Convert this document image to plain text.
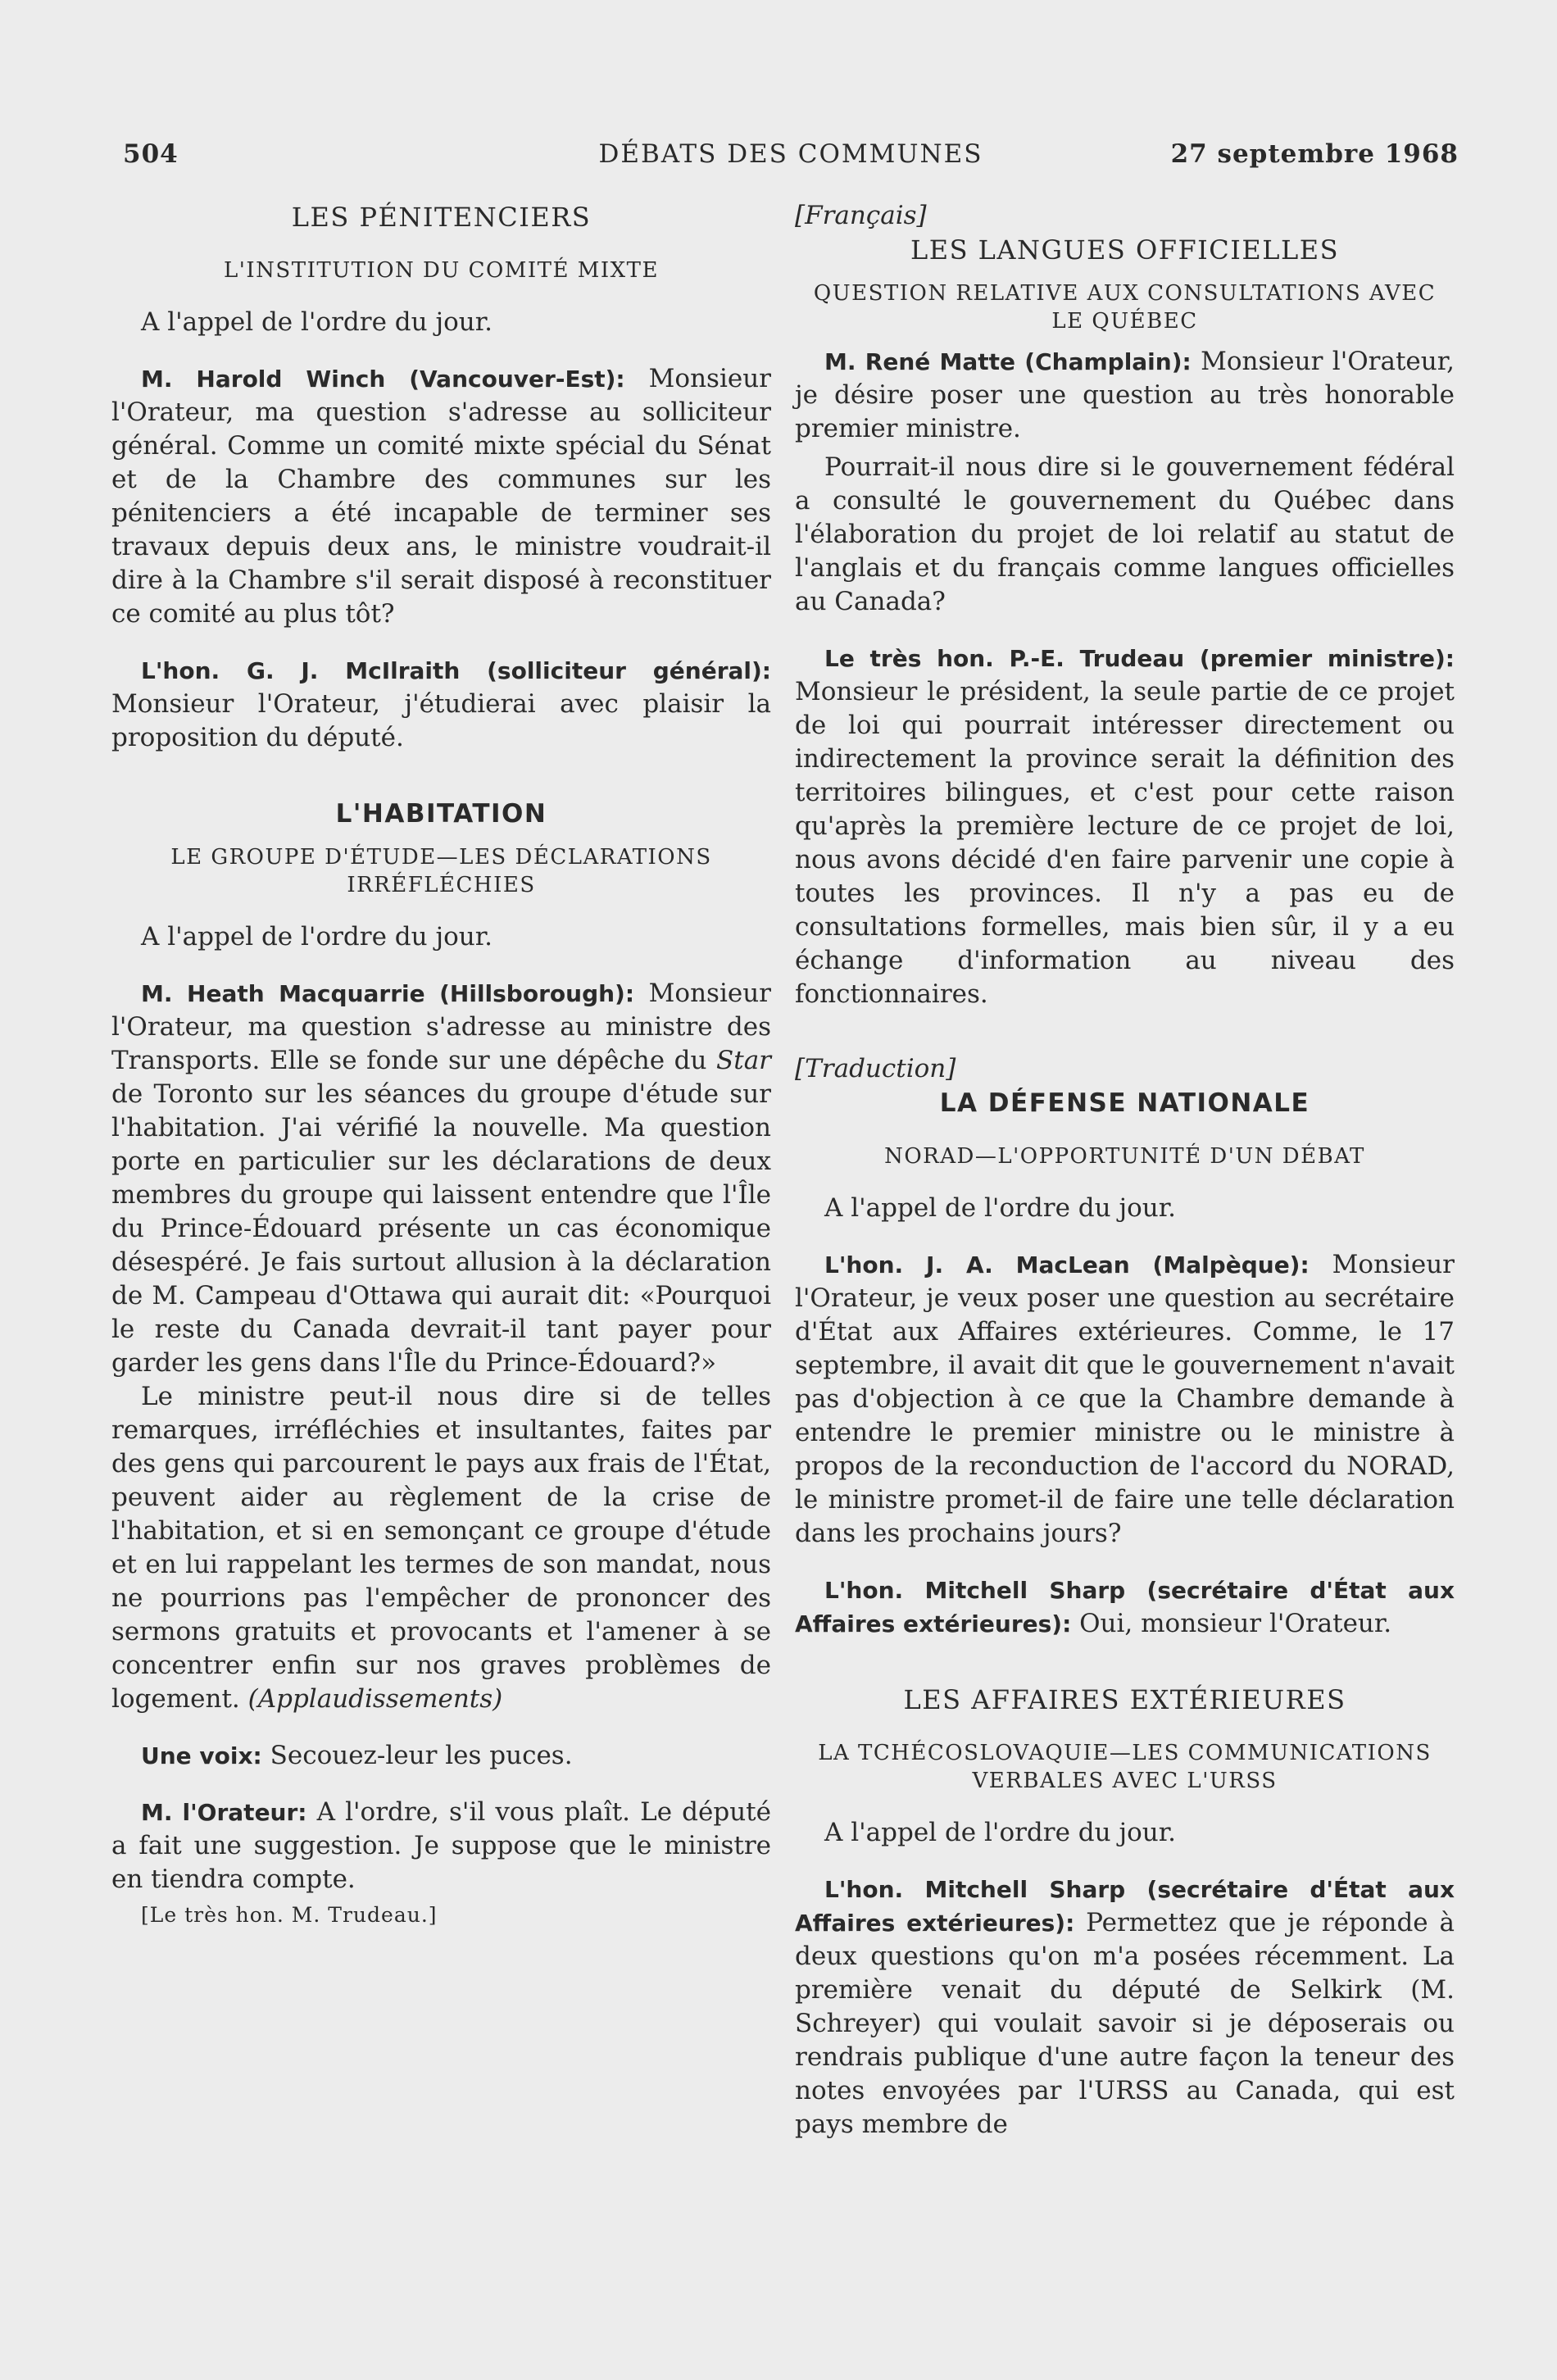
504	DÉBATS DES COMMUNES	27 septembre 1968
LES PÉNITENCIERS
L'INSTITUTION DU COMITÉ MIXTE

A l'appel de l'ordre du jour.

M. Harold Winch (Vancouver-Est): Monsieur l'Orateur, ma question s'adresse au solliciteur général. Comme un comité mixte spécial du Sénat et de la Chambre des communes sur les pénitenciers a été incapable de terminer ses travaux depuis deux ans, le ministre voudrait-il dire à la Chambre s'il serait disposé à reconstituer ce comité au plus tôt?

L'hon. G. J. McIlraith (solliciteur général): Monsieur l'Orateur, j'étudierai avec plaisir la proposition du député.

L'HABITATION
LE GROUPE D'ÉTUDE—LES DÉCLARATIONS IRRÉFLÉCHIES

A l'appel de l'ordre du jour.

M. Heath Macquarrie (Hillsborough): Monsieur l'Orateur, ma question s'adresse au ministre des Transports. Elle se fonde sur une dépêche du Star de Toronto sur les séances du groupe d'étude sur l'habitation. J'ai vérifié la nouvelle. Ma question porte en particulier sur les déclarations de deux membres du groupe qui laissent entendre que l'Île du Prince-Édouard présente un cas économique désespéré. Je fais surtout allusion à la déclaration de M. Campeau d'Ottawa qui aurait dit: «Pourquoi le reste du Canada devrait-il tant payer pour garder les gens dans l'Île du Prince-Édouard?»

Le ministre peut-il nous dire si de telles remarques, irréfléchies et insultantes, faites par des gens qui parcourent le pays aux frais de l'État, peuvent aider au règlement de la crise de l'habitation, et si en semonçant ce groupe d'étude et en lui rappelant les termes de son mandat, nous ne pourrions pas l'empêcher de prononcer des sermons gratuits et provocants et l'amener à se concentrer enfin sur nos graves problèmes de logement. (Applaudissements)

Une voix: Secouez-leur les puces.

M. l'Orateur: A l'ordre, s'il vous plaît. Le député a fait une suggestion. Je suppose que le ministre en tiendra compte.

[Le très hon. M. Trudeau.]
[Français]
LES LANGUES OFFICIELLES
QUESTION RELATIVE AUX CONSULTATIONS AVEC LE QUÉBEC

M. René Matte (Champlain): Monsieur l'Orateur, je désire poser une question au très honorable premier ministre.

Pourrait-il nous dire si le gouvernement fédéral a consulté le gouvernement du Québec dans l'élaboration du projet de loi relatif au statut de l'anglais et du français comme langues officielles au Canada?

Le très hon. P.-E. Trudeau (premier ministre): Monsieur le président, la seule partie de ce projet de loi qui pourrait intéresser directement ou indirectement la province serait la définition des territoires bilingues, et c'est pour cette raison qu'après la première lecture de ce projet de loi, nous avons décidé d'en faire parvenir une copie à toutes les provinces. Il n'y a pas eu de consultations formelles, mais bien sûr, il y a eu échange d'information au niveau des fonctionnaires.

[Traduction]
LA DÉFENSE NATIONALE
NORAD—L'OPPORTUNITÉ D'UN DÉBAT

A l'appel de l'ordre du jour.

L'hon. J. A. MacLean (Malpèque): Monsieur l'Orateur, je veux poser une question au secrétaire d'État aux Affaires extérieures. Comme, le 17 septembre, il avait dit que le gouvernement n'avait pas d'objection à ce que la Chambre demande à entendre le premier ministre ou le ministre à propos de la reconduction de l'accord du NORAD, le ministre promet-il de faire une telle déclaration dans les prochains jours?

L'hon. Mitchell Sharp (secrétaire d'État aux Affaires extérieures): Oui, monsieur l'Orateur.

LES AFFAIRES EXTÉRIEURES
LA TCHÉCOSLOVAQUIE—LES COMMUNICATIONS VERBALES AVEC L'URSS

A l'appel de l'ordre du jour.

L'hon. Mitchell Sharp (secrétaire d'État aux Affaires extérieures): Permettez que je réponde à deux questions qu'on m'a posées récemment. La première venait du député de Selkirk (M. Schreyer) qui voulait savoir si je déposerais ou rendrais publique d'une autre façon la teneur des notes envoyées par l'URSS au Canada, qui est pays membre de
